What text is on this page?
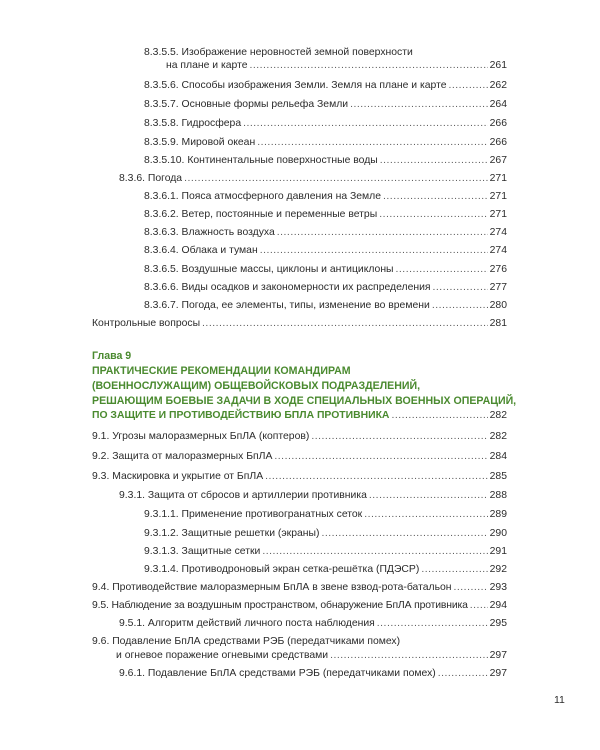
8.3.5.5. Изображение неровностей земной поверхности
на плане и карте .....	261
8.3.5.6. Способы изображения Земли. Земля на плане и карте .....	262
8.3.5.7. Основные формы рельефа Земли .....	264
8.3.5.8. Гидросфера .....	266
8.3.5.9. Мировой океан .....	266
8.3.5.10. Континентальные поверхностные воды .....	267
8.3.6. Погода .....	271
8.3.6.1. Пояса атмосферного давления на Земле .....	271
8.3.6.2. Ветер, постоянные и переменные ветры .....	271
8.3.6.3. Влажность воздуха .....	274
8.3.6.4. Облака и туман .....	274
8.3.6.5. Воздушные массы, циклоны и антициклоны .....	276
8.3.6.6. Виды осадков и закономерности их распределения .....	277
8.3.6.7. Погода, ее элементы, типы, изменение во времени .....	280
Контрольные вопросы .....	281
Глава 9
ПРАКТИЧЕСКИЕ РЕКОМЕНДАЦИИ КОМАНДИРАМ
(ВОЕННОСЛУЖАЩИМ) ОБЩЕВОЙСКОВЫХ ПОДРАЗДЕЛЕНИЙ,
РЕШАЮЩИМ БОЕВЫЕ ЗАДАЧИ В ХОДЕ СПЕЦИАЛЬНЫХ ВОЕННЫХ ОПЕРАЦИЙ,
ПО ЗАЩИТЕ И ПРОТИВОДЕЙСТВИЮ БПЛА ПРОТИВНИКА .....	282
9.1. Угрозы малоразмерных БпЛА (коптеров) .....	282
9.2. Защита от малоразмерных БпЛА .....	284
9.3. Маскировка и укрытие от БпЛА .....	285
9.3.1. Защита от сбросов и артиллерии противника .....	288
9.3.1.1. Применение противогранатных сеток .....	289
9.3.1.2. Защитные решетки (экраны) .....	290
9.3.1.3. Защитные сетки .....	291
9.3.1.4. Противодроновый экран сетка-решётка (ПДЭСР) .....	292
9.4. Противодействие малоразмерным БпЛА в звене взвод-рота-батальон .....	293
9.5. Наблюдение за воздушным пространством, обнаружение БпЛА противника ..... 294
9.5.1. Алгоритм действий личного поста наблюдения .....	295
9.6. Подавление БпЛА средствами РЭБ (передатчиками помех)
и огневое поражение огневыми средствами .....	297
9.6.1. Подавление БпЛА средствами РЭБ (передатчиками помех) .....	297
11
